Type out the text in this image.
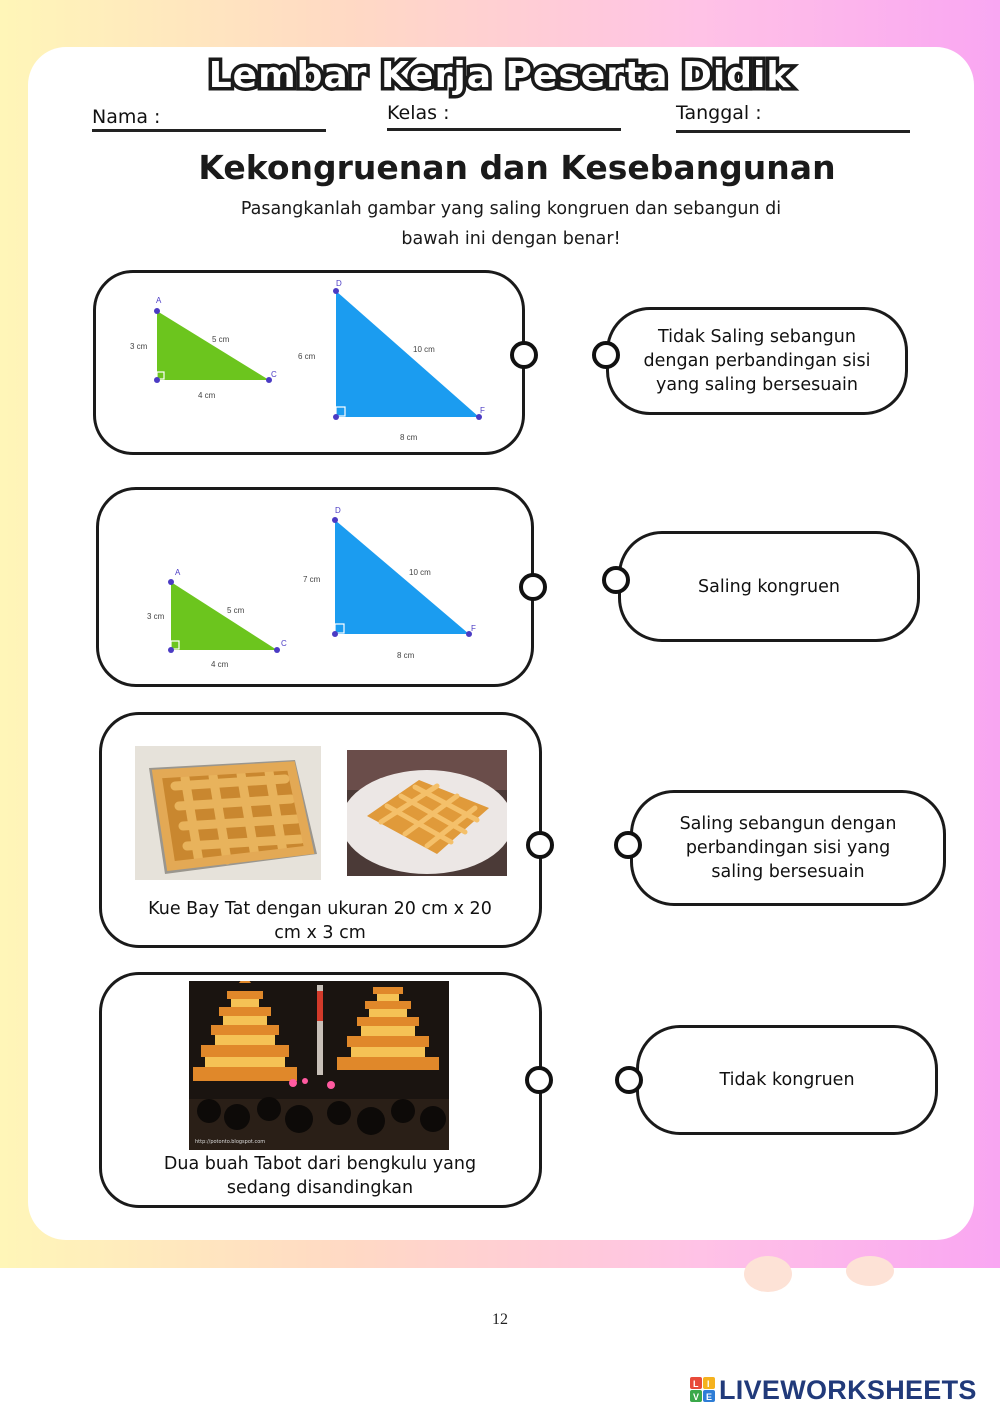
Lembar Kerja Peserta Didik
Nama :	Kelas :	Tanggal :
Kekongruenan dan Kesebangunan
Pasangkanlah gambar yang saling kongruen dan sebangun di
bawah ini dengan benar!
A
C
3 cm
5 cm
4 cm
D
F
6 cm
10 cm
8 cm
A
C
3 cm
5 cm
4 cm
D
F
7 cm
10 cm
8 cm
Kue Bay Tat dengan ukuran 20 cm x 20
cm x 3 cm
http://potonto.blogspot.com
Dua buah Tabot dari bengkulu yang
sedang disandingkan
Tidak Saling sebangun
dengan perbandingan sisi
yang saling bersesuain
Saling kongruen
Saling sebangun dengan
perbandingan sisi yang
saling bersesuain
Tidak kongruen
12
L I
V E LIVEWORKSHEETS
